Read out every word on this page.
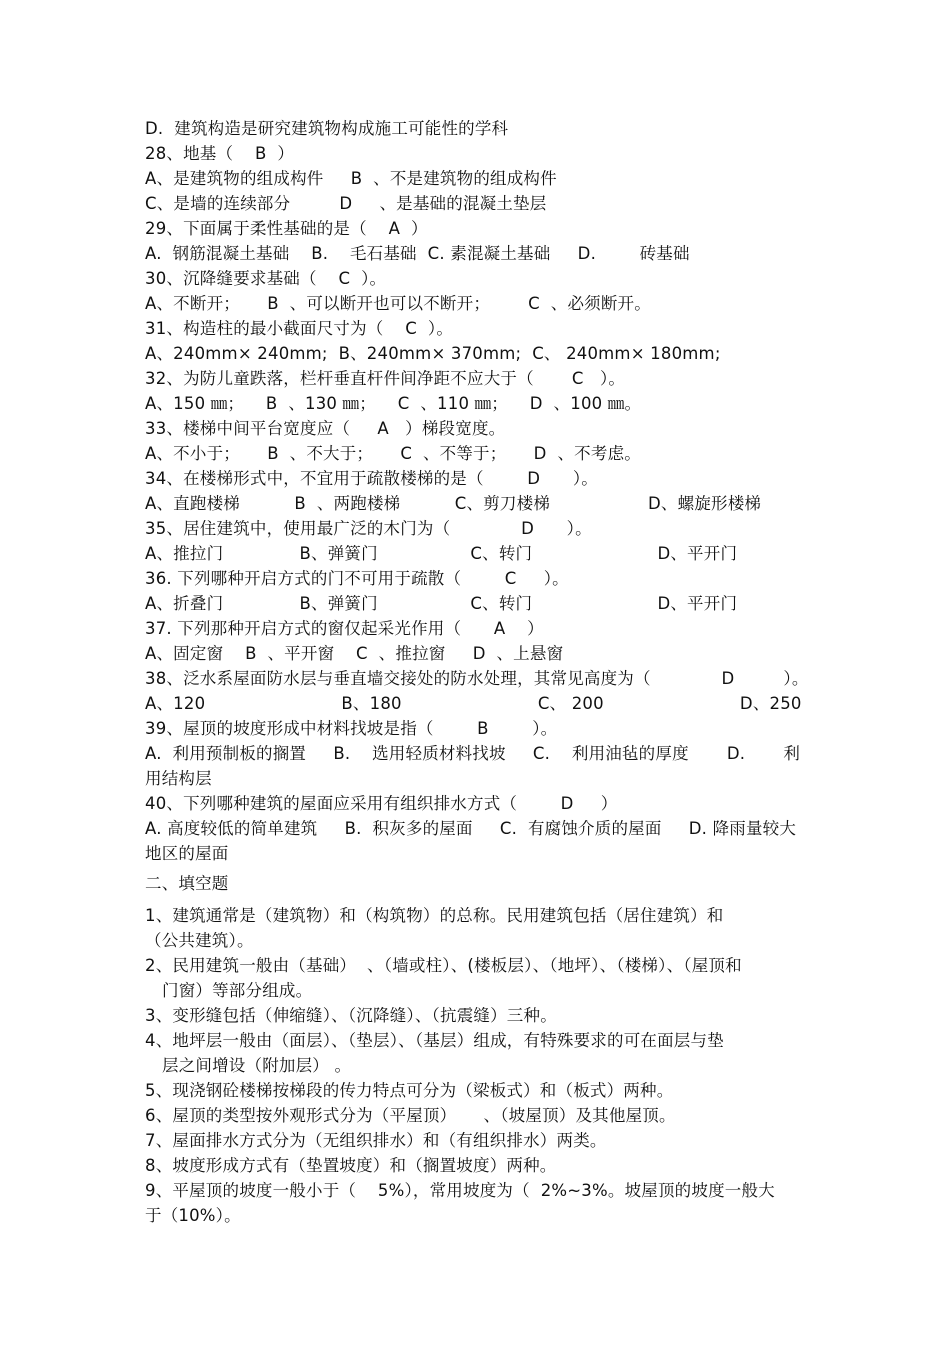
D.  建筑构造是研究建筑物构成施工可能性的学科
28、地基（    B  ）
A、是建筑物的组成构件     B  、不是建筑物的组成构件
C、是墙的连续部分         D     、是基础的混凝土垫层
29、下面属于柔性基础的是（    A  ）
A.  钢筋混凝土基础    B.    毛石基础  C. 素混凝土基础     D.        砖基础
30、沉降缝要求基础（    C  ）。
A、不断开；     B  、可以断开也可以不断开；       C  、必须断开。
31、构造柱的最小截面尺寸为（    C  ）。
A、240mm× 240mm;  B、240mm× 370mm;  C、 240mm× 180mm;
32、为防儿童跌落，栏杆垂直杆件间净距不应大于（       C   ）。
A、150 ㎜；    B  、130 ㎜；    C  、110 ㎜；    D  、100 ㎜。
33、楼梯中间平台宽度应（     A   ）梯段宽度。
A、不小于；     B  、不大于；     C  、不等于；     D  、不考虑。
34、在楼梯形式中，不宜用于疏散楼梯的是（        D      ）。
A、直跑楼梯          B  、两跑楼梯          C、剪刀楼梯                  D、螺旋形楼梯
35、居住建筑中，使用最广泛的木门为（             D      ）。
A、推拉门              B、弹簧门                 C、转门                       D、平开门
36. 下列哪种开启方式的门不可用于疏散（        C     ）。
A、折叠门              B、弹簧门                 C、转门                       D、平开门
37. 下列那种开启方式的窗仅起采光作用（      A    ）
A、固定窗    B  、平开窗    C  、推拉窗     D  、上悬窗
38、泛水系屋面防水层与垂直墙交接处的防水处理，其常见高度为（             D         ）。
A、120                         B、180                         C、 200                         D、250
39、屋顶的坡度形成中材料找坡是指（        B        ）。
A.  利用预制板的搁置     B.    选用轻质材料找坡     C.    利用油毡的厚度       D.       利
用结构层
40、下列哪种建筑的屋面应采用有组织排水方式（        D     ）
A. 高度较低的简单建筑     B.  积灰多的屋面     C.  有腐蚀介质的屋面     D. 降雨量较大
地区的屋面
二、填空题
1、建筑通常是（建筑物）和（构筑物）的总称。民用建筑包括（居住建筑）和
（公共建筑）。
2、民用建筑一般由（基础）  、（墙或柱）、(楼板层）、（地坪）、（楼梯）、（屋顶和
门窗）等部分组成。
3、变形缝包括（伸缩缝）、（沉降缝）、（抗震缝）三种。
4、地坪层一般由（面层）、（垫层）、（基层）组成，有特殊要求的可在面层与垫
层之间增设（附加层） 。
5、现浇钢砼楼梯按梯段的传力特点可分为（梁板式）和（板式）两种。
6、屋顶的类型按外观形式分为（平屋顶）     、（坡屋顶）及其他屋顶。
7、屋面排水方式分为（无组织排水）和（有组织排水）两类。
8、坡度形成方式有（垫置坡度）和（搁置坡度）两种。
9、平屋顶的坡度一般小于（    5%），常用坡度为（  2%~3%。坡屋顶的坡度一般大
于（10%）。
